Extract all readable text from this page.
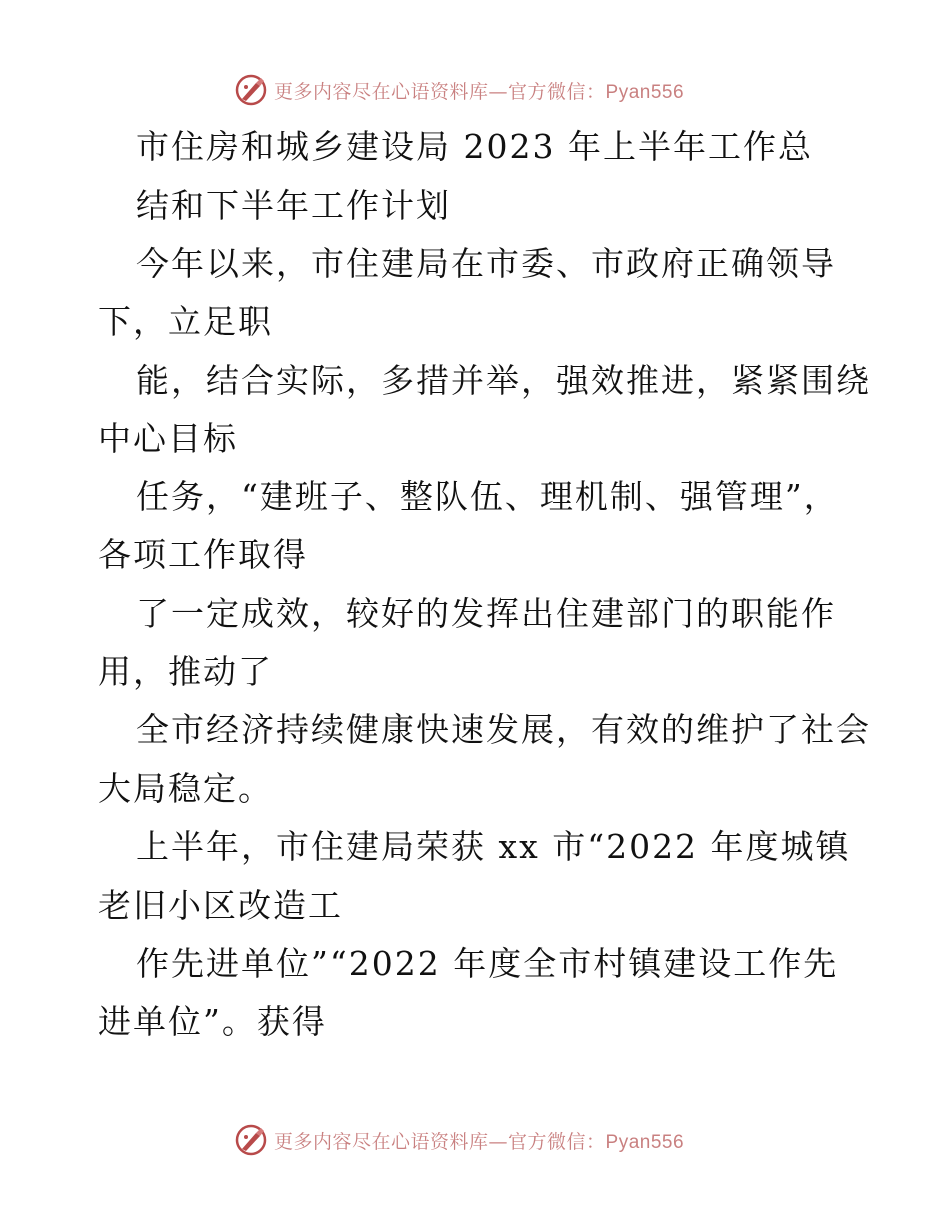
更多内容尽在心语资料库—官方微信：Pyan556
市住房和城乡建设局 2023 年上半年工作总
结和下半年工作计划
今年以来，市住建局在市委、市政府正确领导
下，立足职
能，结合实际，多措并举，强效推进，紧紧围绕
中心目标
任务，“建班子、整队伍、理机制、强管理”，
各项工作取得
了一定成效，较好的发挥出住建部门的职能作
用，推动了
全市经济持续健康快速发展，有效的维护了社会
大局稳定。
上半年，市住建局荣获 xx 市“2022 年度城镇
老旧小区改造工
作先进单位”“2022 年度全市村镇建设工作先
进单位”。获得
更多内容尽在心语资料库—官方微信：Pyan556
